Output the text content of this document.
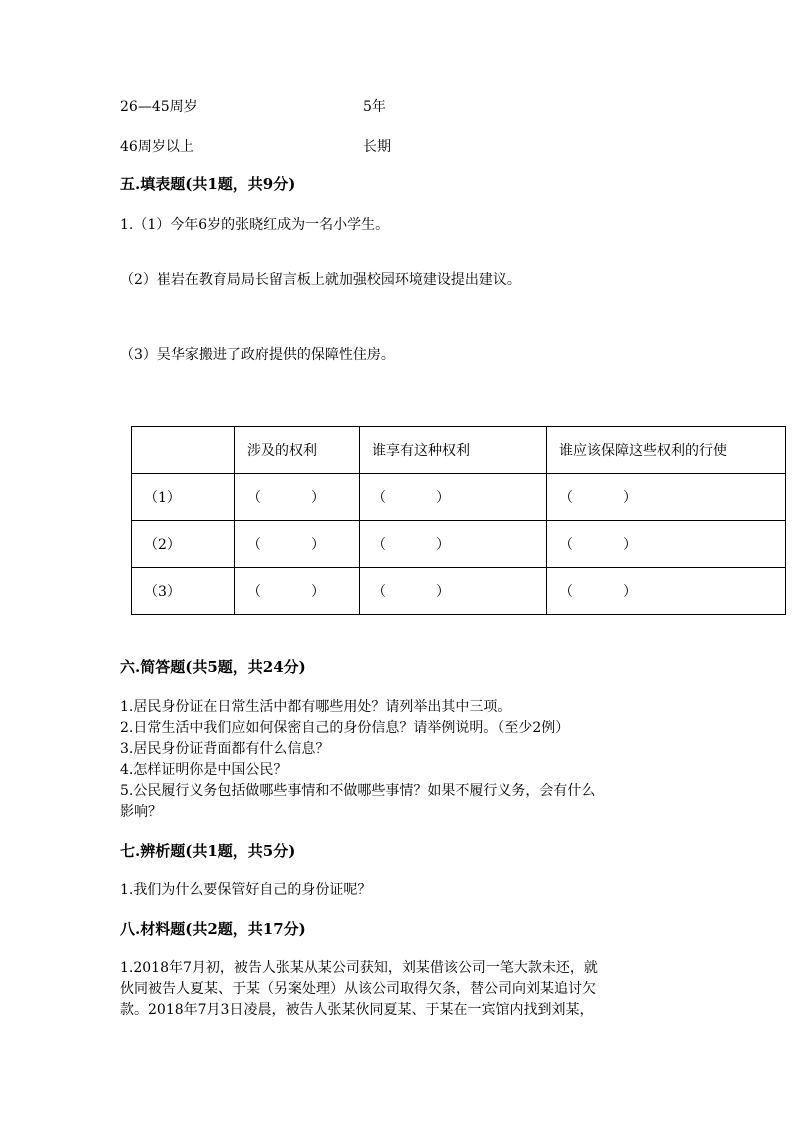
26—45周岁	5年
46周岁以上	长期
五.填表题(共1题，共9分)
1.（1）今年6岁的张晓红成为一名小学生。
（2）崔岩在教育局局长留言板上就加强校园环境建设提出建议。
（3）吴华家搬进了政府提供的保障性住房。
	涉及的权利	谁享有这种权利	谁应该保障这些权利的行使
（1）	（ ）	（ ）	（ ）
（2）	（ ）	（ ）	（ ）
（3）	（ ）	（ ）	（ ）
六.简答题(共5题，共24分)
1.居民身份证在日常生活中都有哪些用处？请列举出其中三项。
2.日常生活中我们应如何保密自己的身份信息？请举例说明。（至少2例）
3.居民身份证背面都有什么信息？
4.怎样证明你是中国公民？
5.公民履行义务包括做哪些事情和不做哪些事情？如果不履行义务，会有什么
影响？
七.辨析题(共1题，共5分)
1.我们为什么要保管好自己的身份证呢？
八.材料题(共2题，共17分)
1.2018年7月初，被告人张某从某公司获知，刘某借该公司一笔大款未还，就
伙同被告人夏某、于某（另案处理）从该公司取得欠条，替公司向刘某追讨欠
款。2018年7月3日凌晨，被告人张某伙同夏某、于某在一宾馆内找到刘某，
